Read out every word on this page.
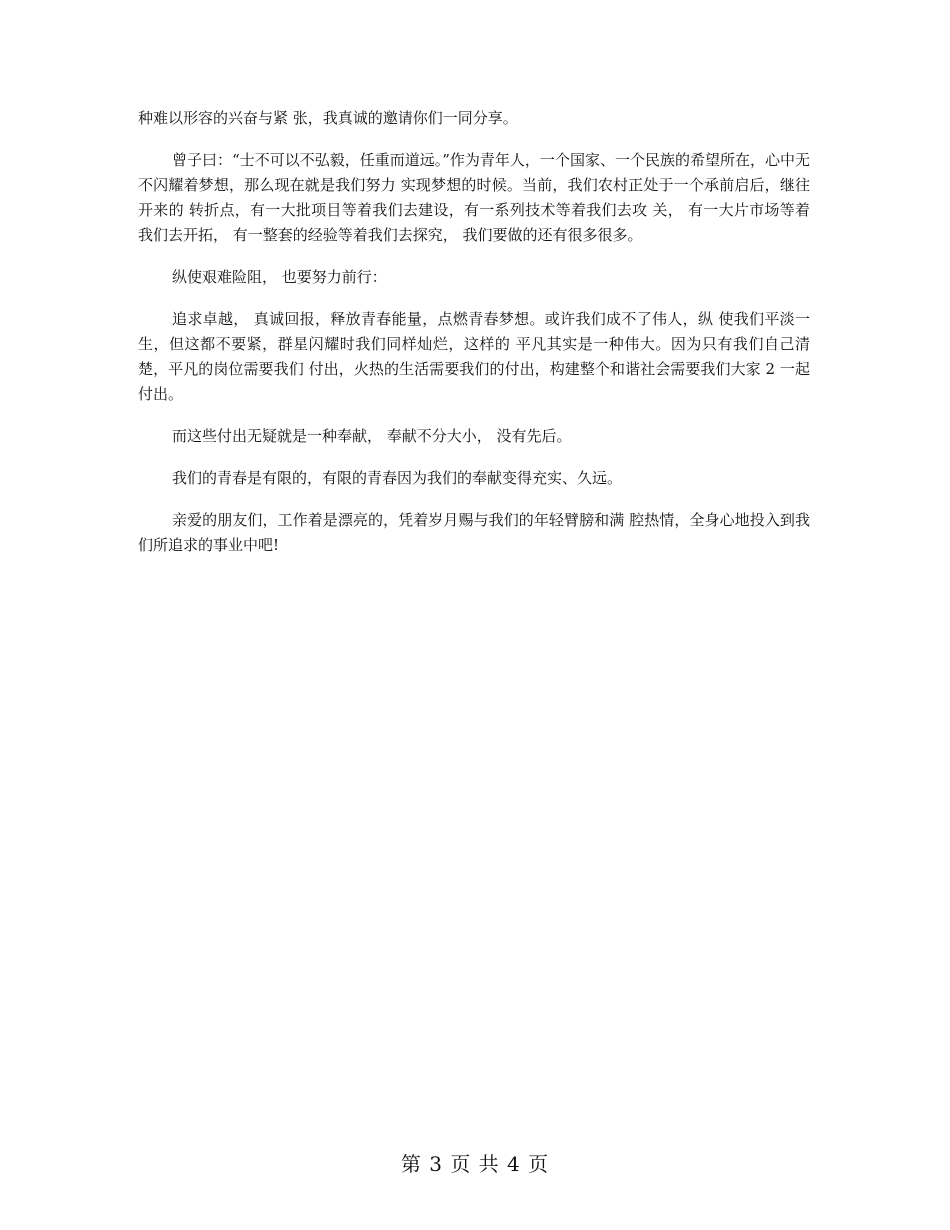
种难以形容的兴奋与紧 张，我真诚的邀请你们一同分享。

曾子曰：“士不可以不弘毅，任重而道远。”作为青年人，一个国家、一个民族的希望所在，心中无不闪耀着梦想，那么现在就是我们努力 实现梦想的时候。当前，我们农村正处于一个承前启后，继往开来的 转折点，有一大批项目等着我们去建设，有一系列技术等着我们去攻 关， 有一大片市场等着我们去开拓， 有一整套的经验等着我们去探究， 我们要做的还有很多很多。

纵使艰难险阻， 也要努力前行：

追求卓越， 真诚回报，释放青春能量，点燃青春梦想。或许我们成不了伟人，纵 使我们平淡一生，但这都不要紧，群星闪耀时我们同样灿烂，这样的 平凡其实是一种伟大。因为只有我们自己清楚，平凡的岗位需要我们 付出，火热的生活需要我们的付出，构建整个和谐社会需要我们大家 2 一起付出。

而这些付出无疑就是一种奉献， 奉献不分大小， 没有先后。

我们的青春是有限的，有限的青春因为我们的奉献变得充实、久远。

亲爱的朋友们，工作着是漂亮的，凭着岁月赐与我们的年轻臂膀和满 腔热情，全身心地投入到我们所追求的事业中吧!

第 3 页 共 4 页
